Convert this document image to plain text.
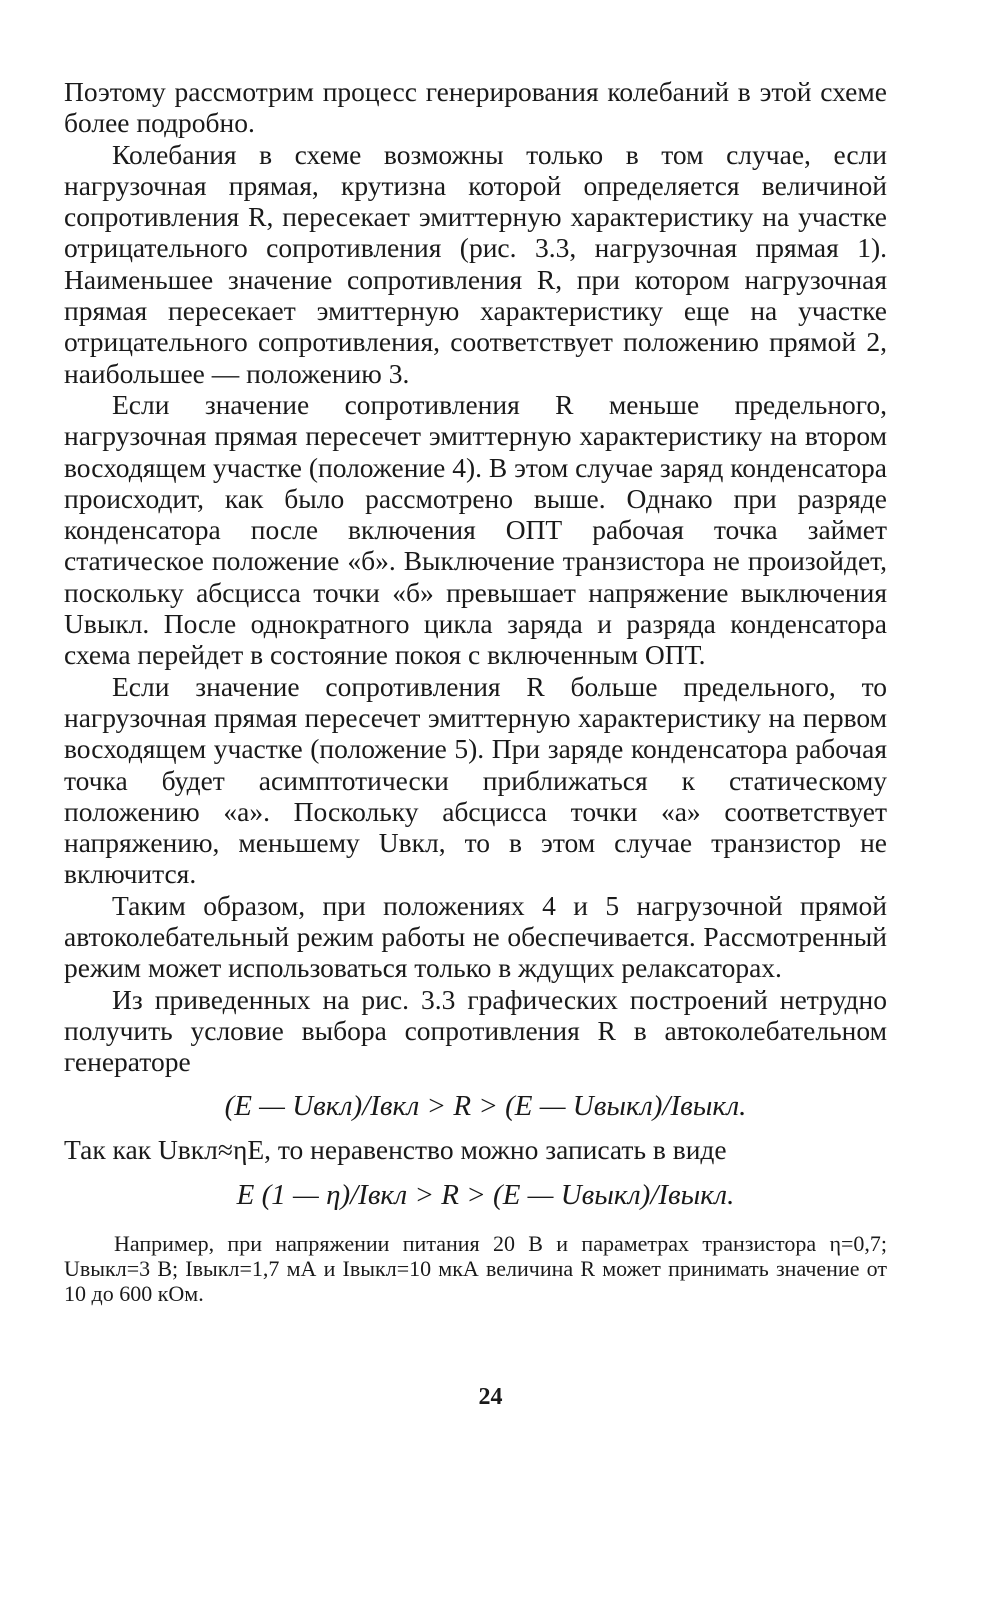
Поэтому рассмотрим процесс генерирования колебаний в этой схеме более подробно.

Колебания в схеме возможны только в том случае, если нагрузочная прямая, крутизна которой определяется величиной сопротивления R, пересекает эмиттерную характеристику на участке отрицательного сопротивления (рис. 3.3, нагрузочная прямая 1). Наименьшее значение сопротивления R, при котором нагрузочная прямая пересекает эмиттерную характеристику еще на участке отрицательного сопротивления, соответствует положению прямой 2, наибольшее — положению 3.

Если значение сопротивления R меньше предельного, нагрузочная прямая пересечет эмиттерную характеристику на втором восходящем участке (положение 4). В этом случае заряд конденсатора происходит, как было рассмотрено выше. Однако при разряде конденсатора после включения ОПТ рабочая точка займет статическое положение «б». Выключение транзистора не произойдет, поскольку абсцисса точки «б» превышает напряжение выключения Uвыкл. После однократного цикла заряда и разряда конденсатора схема перейдет в состояние покоя с включенным ОПТ.

Если значение сопротивления R больше предельного, то нагрузочная прямая пересечет эмиттерную характеристику на первом восходящем участке (положение 5). При заряде конденсатора рабочая точка будет асимптотически приближаться к статическому положению «а». Поскольку абсцисса точки «а» соответствует напряжению, меньшему Uвкл, то в этом случае транзистор не включится.

Таким образом, при положениях 4 и 5 нагрузочной прямой автоколебательный режим работы не обеспечивается. Рассмотренный режим может использоваться только в ждущих релаксаторах.

Из приведенных на рис. 3.3 графических построений нетрудно получить условие выбора сопротивления R в автоколебательном генераторе

(E — Uвкл)/Iвкл > R > (E — Uвыкл)/Iвыкл.

Так как Uвкл≈ηE, то неравенство можно записать в виде

E (1 — η)/Iвкл > R > (E — Uвыкл)/Iвыкл.

Например, при напряжении питания 20 В и параметрах транзистора η=0,7; Uвыкл=3 В; Iвыкл=1,7 мА и Iвыкл=10 мкА величина R может принимать значение от 10 до 600 кОм.

24
